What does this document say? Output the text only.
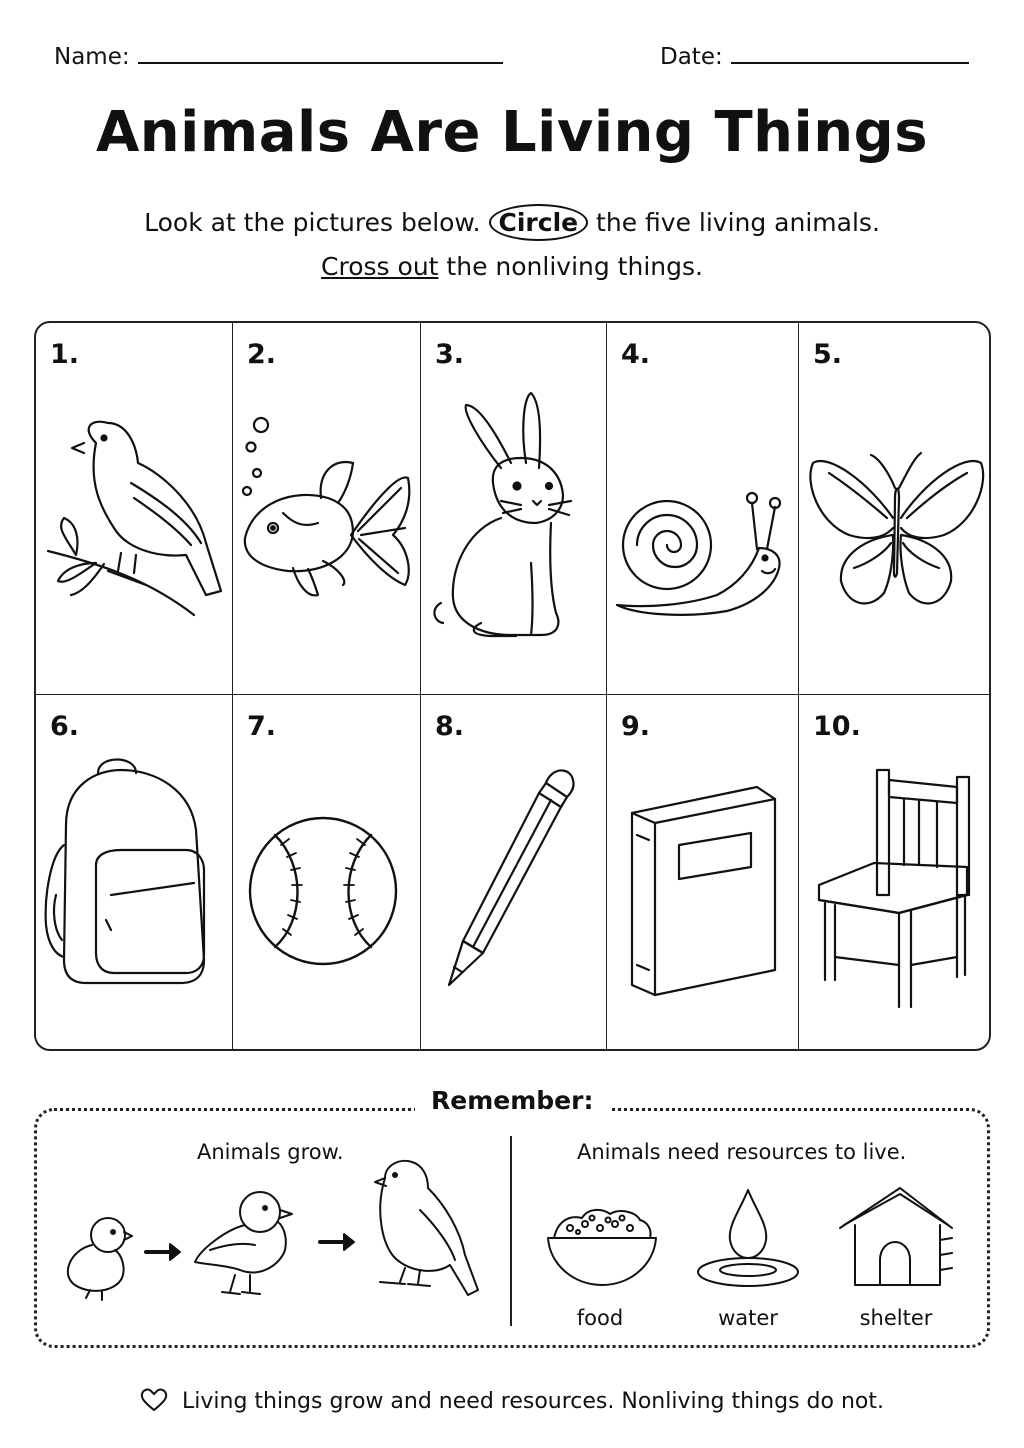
Name:	Date:
Animals Are Living Things
Look at the pictures below. Circle the five living animals.
Cross out the nonliving things.
1.	2.	3.	4.	5.
6.	7.	8.	9.	10.
Remember:
Animals grow.	Animals need resources to live.
food	water	shelter
Living things grow and need resources. Nonliving things do not.
